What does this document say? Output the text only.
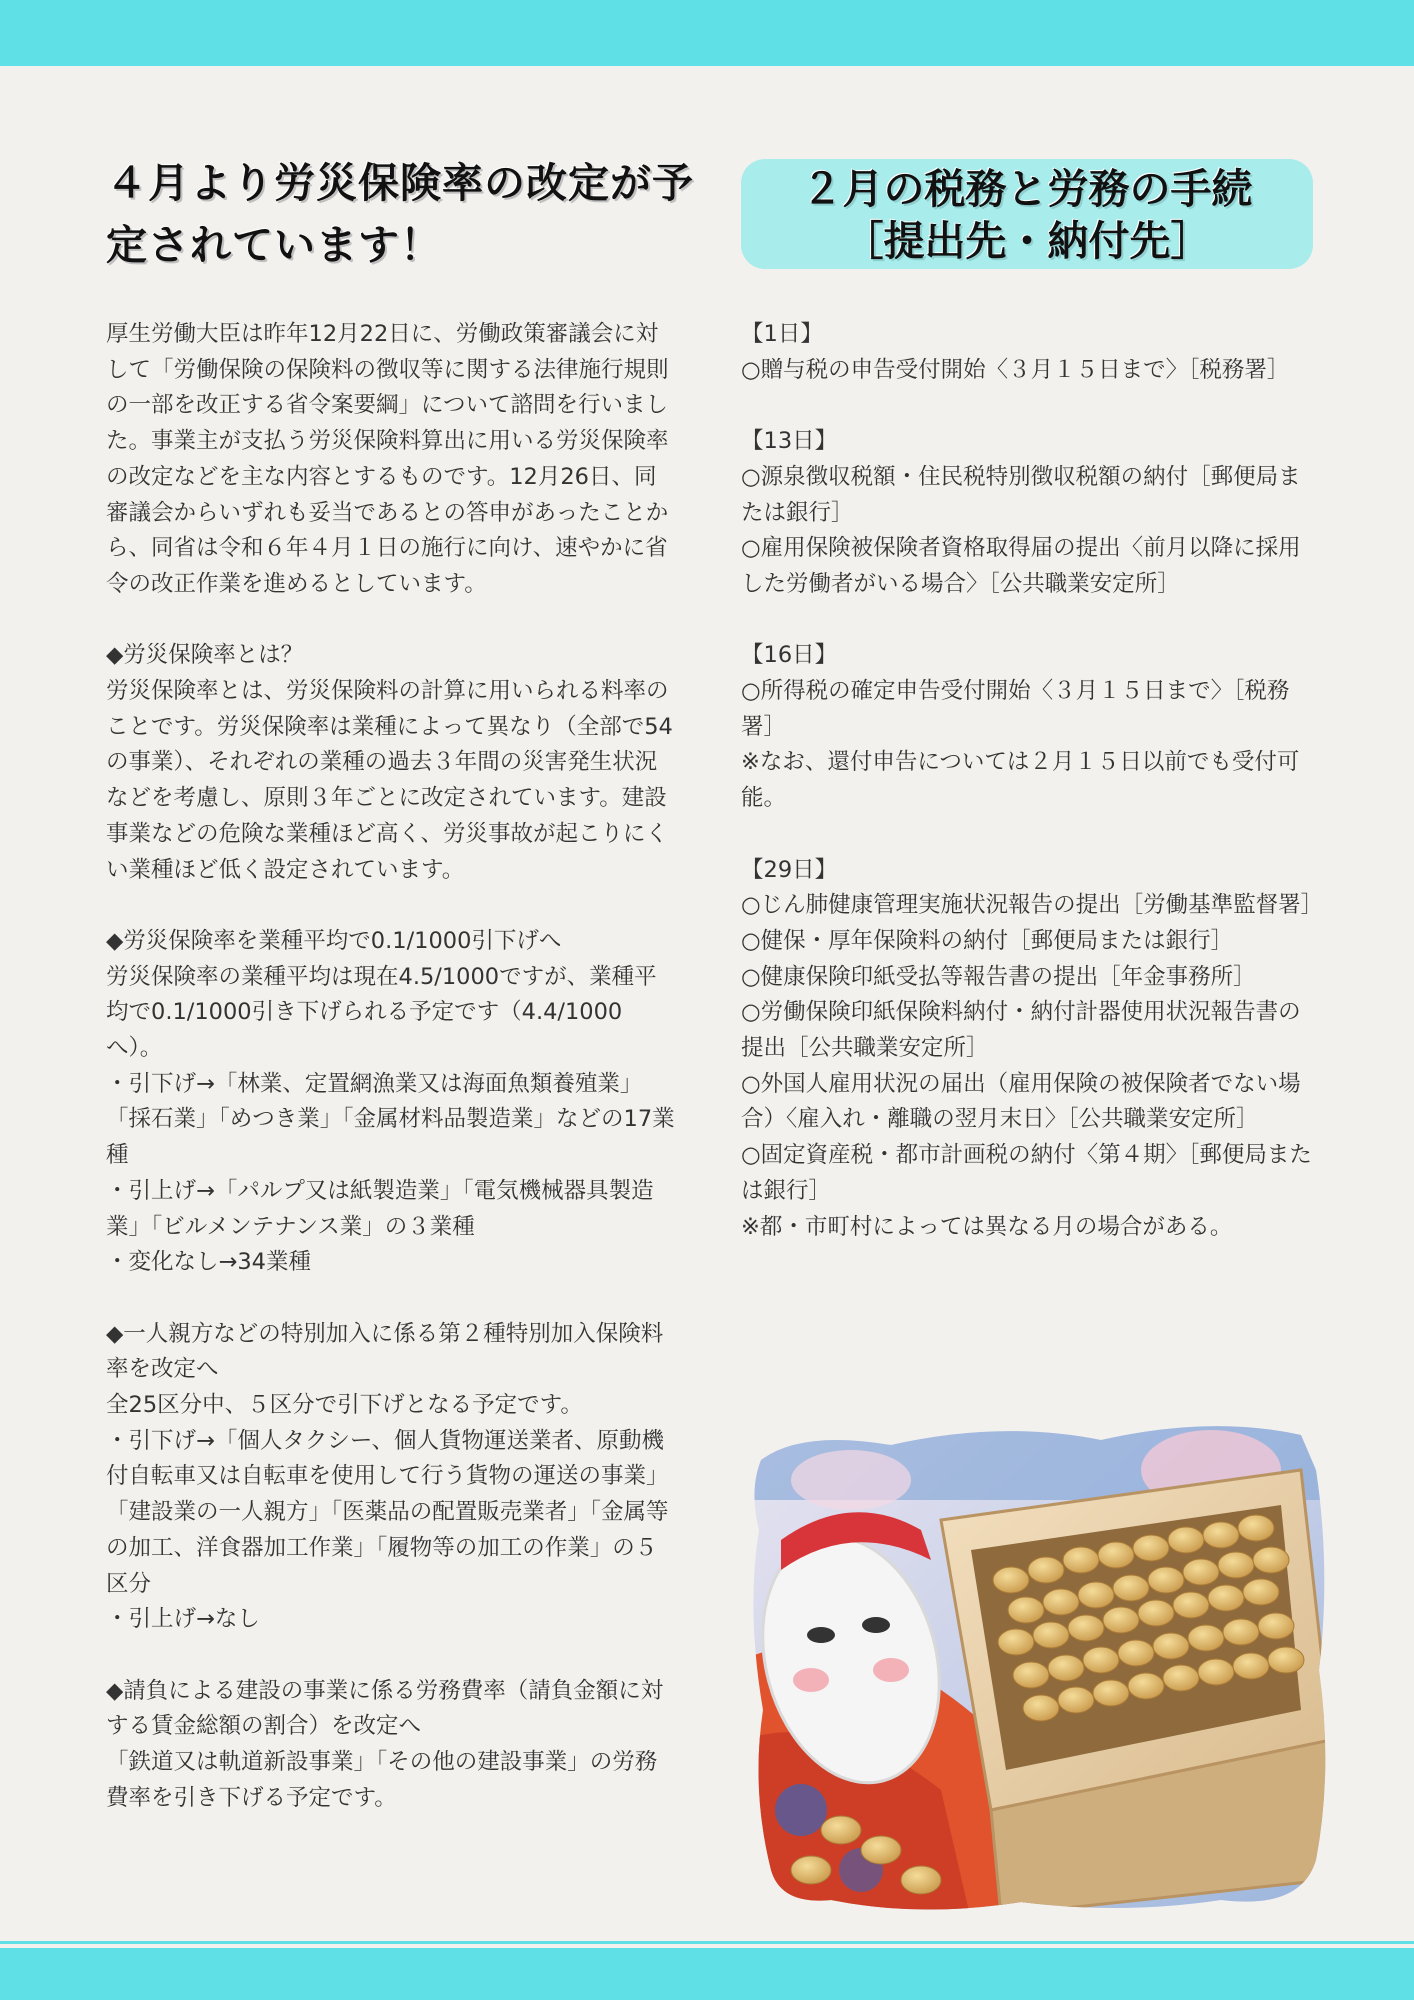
４月より労災保険率の改定が予定されています！
２月の税務と労務の手続
［提出先・納付先］

厚生労働大臣は昨年12月22日に、労働政策審議会に対して「労働保険の保険料の徴収等に関する法律施行規則の一部を改正する省令案要綱」について諮問を行いました。事業主が支払う労災保険料算出に用いる労災保険率の改定などを主な内容とするものです。12月26日、同審議会からいずれも妥当であるとの答申があったことから、同省は令和６年４月１日の施行に向け、速やかに省令の改正作業を進めるとしています。

◆労災保険率とは？

労災保険率とは、労災保険料の計算に用いられる料率のことです。労災保険率は業種によって異なり（全部で54の事業）、それぞれの業種の過去３年間の災害発生状況などを考慮し、原則３年ごとに改定されています。建設事業などの危険な業種ほど高く、労災事故が起こりにくい業種ほど低く設定されています。

◆労災保険率を業種平均で0.1/1000引下げへ

労災保険率の業種平均は現在4.5/1000ですが、業種平均で0.1/1000引き下げられる予定です（4.4/1000へ）。

・引下げ→「林業、定置網漁業又は海面魚類養殖業」「採石業」「めつき業」「金属材料品製造業」などの17業種

・引上げ→「パルプ又は紙製造業」「電気機械器具製造業」「ビルメンテナンス業」の３業種

・変化なし→34業種

◆一人親方などの特別加入に係る第２種特別加入保険料率を改定へ

全25区分中、５区分で引下げとなる予定です。

・引下げ→「個人タクシー、個人貨物運送業者、原動機付自転車又は自転車を使用して行う貨物の運送の事業」「建設業の一人親方」「医薬品の配置販売業者」「金属等の加工、洋食器加工作業」「履物等の加工の作業」の５区分

・引上げ→なし

◆請負による建設の事業に係る労務費率（請負金額に対する賃金総額の割合）を改定へ

「鉄道又は軌道新設事業」「その他の建設事業」の労務費率を引き下げる予定です。

【1日】

○贈与税の申告受付開始〈３月１５日まで〉［税務署］

【13日】

○源泉徴収税額・住民税特別徴収税額の納付［郵便局または銀行］

○雇用保険被保険者資格取得届の提出〈前月以降に採用した労働者がいる場合〉［公共職業安定所］

【16日】

○所得税の確定申告受付開始〈３月１５日まで〉［税務署］

※なお、還付申告については２月１５日以前でも受付可能。

【29日】

○じん肺健康管理実施状況報告の提出［労働基準監督署］

○健保・厚年保険料の納付［郵便局または銀行］

○健康保険印紙受払等報告書の提出［年金事務所］

○労働保険印紙保険料納付・納付計器使用状況報告書の提出［公共職業安定所］

○外国人雇用状況の届出（雇用保険の被保険者でない場合）〈雇入れ・離職の翌月末日〉［公共職業安定所］

○固定資産税・都市計画税の納付〈第４期〉［郵便局または銀行］

※都・市町村によっては異なる月の場合がある。
